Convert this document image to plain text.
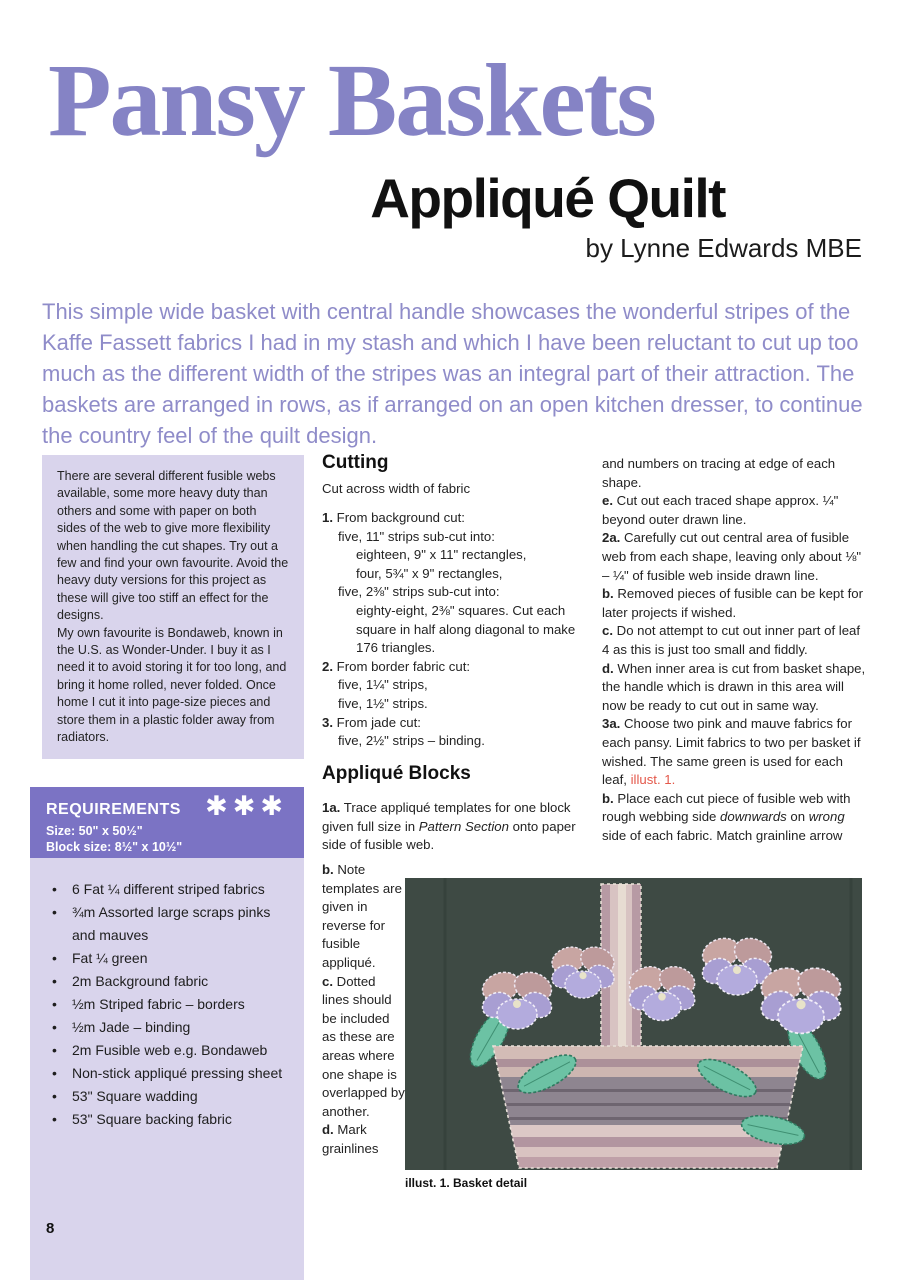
Pansy Baskets
Appliqué Quilt
by Lynne Edwards MBE
This simple wide basket with central handle showcases the wonderful stripes of the Kaffe Fassett fabrics I had in my stash and which I have been reluctant to cut up too much as the different width of the stripes was an integral part of their attraction. The baskets are arranged in rows, as if arranged on an open kitchen dresser, to continue the country feel of the quilt design.

There are several different fusible webs available, some more heavy duty than others and some with paper on both sides of the web to give more flexibility when handling the cut shapes. Try out a few and find your own favourite. Avoid the heavy duty versions for this project as these will give too stiff an effect for the designs.

My own favourite is Bondaweb, known in the U.S. as Wonder-Under. I buy it as I need it to avoid storing it for too long, and bring it home rolled, never folded. Once home I cut it into page-size pieces and store them in a plastic folder away from radiators.

REQUIREMENTS ✱✱✱
Size: 50" x 50½"
Block size: 8½" x 10½"
• 6 Fat ¼ different striped fabrics
• ¾m Assorted large scraps pinks and mauves
• Fat ¼ green
• 2m Background fabric
• ½m Striped fabric – borders
• ½m Jade – binding
• 2m Fusible web e.g. Bondaweb
• Non-stick appliqué pressing sheet
• 53" Square wadding
• 53" Square backing fabric
Cutting
Cut across width of fabric
1. From background cut:
five, 11" strips sub-cut into:
eighteen, 9" x 11" rectangles,
four, 5¾" x 9" rectangles,
five, 2⅜" strips sub-cut into:
eighty-eight, 2⅜" squares. Cut each square in half along diagonal to make 176 triangles.
2. From border fabric cut:
five, 1¼" strips,
five, 1½" strips.
3. From jade cut:
five, 2½" strips – binding.
Appliqué Blocks
1a. Trace appliqué templates for one block given full size in Pattern Section onto paper side of fusible web.
b. Note templates are given in reverse for fusible appliqué.
c. Dotted lines should be included as these are areas where one shape is overlapped by another.
d. Mark grainlines
and numbers on tracing at edge of each shape.
e. Cut out each traced shape approx. ¼" beyond outer drawn line.
2a. Carefully cut out central area of fusible web from each shape, leaving only about ⅛" – ¼" of fusible web inside drawn line.
b. Removed pieces of fusible can be kept for later projects if wished.
c. Do not attempt to cut out inner part of leaf 4 as this is just too small and fiddly.
d. When inner area is cut from basket shape, the handle which is drawn in this area will now be ready to cut out in same way.
3a. Choose two pink and mauve fabrics for each pansy. Limit fabrics to two per basket if wished. The same green is used for each leaf, illust. 1.
b. Place each cut piece of fusible web with rough webbing side downwards on wrong side of each fabric. Match grainline arrow
illust. 1. Basket detail
8
